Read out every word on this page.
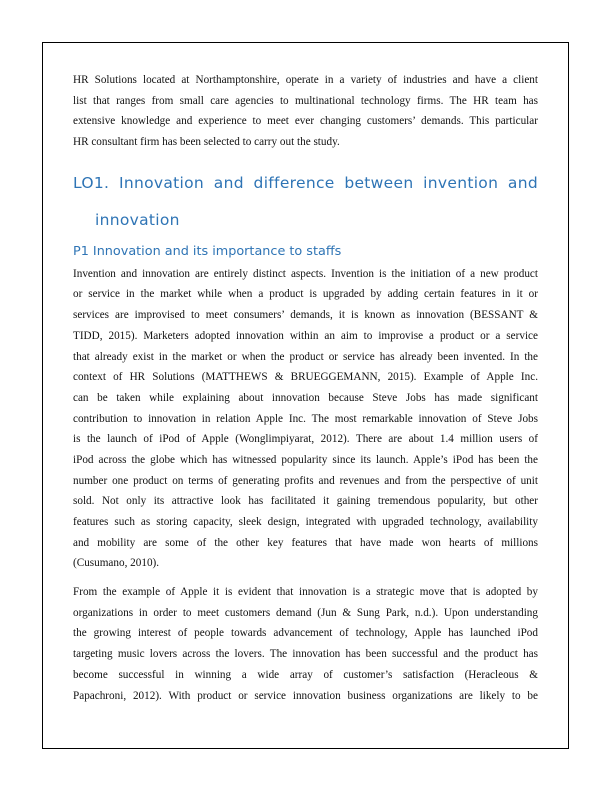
HR Solutions located at Northamptonshire, operate in a variety of industries and have a client
list that ranges from small care agencies to multinational technology firms. The HR team has
extensive knowledge and experience to meet ever changing customers’ demands. This particular
HR consultant firm has been selected to carry out the study.
LO1. Innovation and difference between invention and
innovation
P1 Innovation and its importance to staffs
Invention and innovation are entirely distinct aspects. Invention is the initiation of a new product
or service in the market while when a product is upgraded by adding certain features in it or
services are improvised to meet consumers’ demands, it is known as innovation (BESSANT &
TIDD, 2015). Marketers adopted innovation within an aim to improvise a product or a service
that already exist in the market or when the product or service has already been invented. In the
context of HR Solutions (MATTHEWS & BRUEGGEMANN, 2015). Example of Apple Inc.
can be taken while explaining about innovation because Steve Jobs has made significant
contribution to innovation in relation Apple Inc. The most remarkable innovation of Steve Jobs
is the launch of iPod of Apple (Wonglimpiyarat, 2012). There are about 1.4 million users of
iPod across the globe which has witnessed popularity since its launch. Apple’s iPod has been the
number one product on terms of generating profits and revenues and from the perspective of unit
sold. Not only its attractive look has facilitated it gaining tremendous popularity, but other
features such as storing capacity, sleek design, integrated with upgraded technology, availability
and mobility are some of the other key features that have made won hearts of millions
(Cusumano, 2010).
From the example of Apple it is evident that innovation is a strategic move that is adopted by
organizations in order to meet customers demand (Jun & Sung Park, n.d.). Upon understanding
the growing interest of people towards advancement of technology, Apple has launched iPod
targeting music lovers across the lovers. The innovation has been successful and the product has
become successful in winning a wide array of customer’s satisfaction (Heracleous &
Papachroni, 2012). With product or service innovation business organizations are likely to be
